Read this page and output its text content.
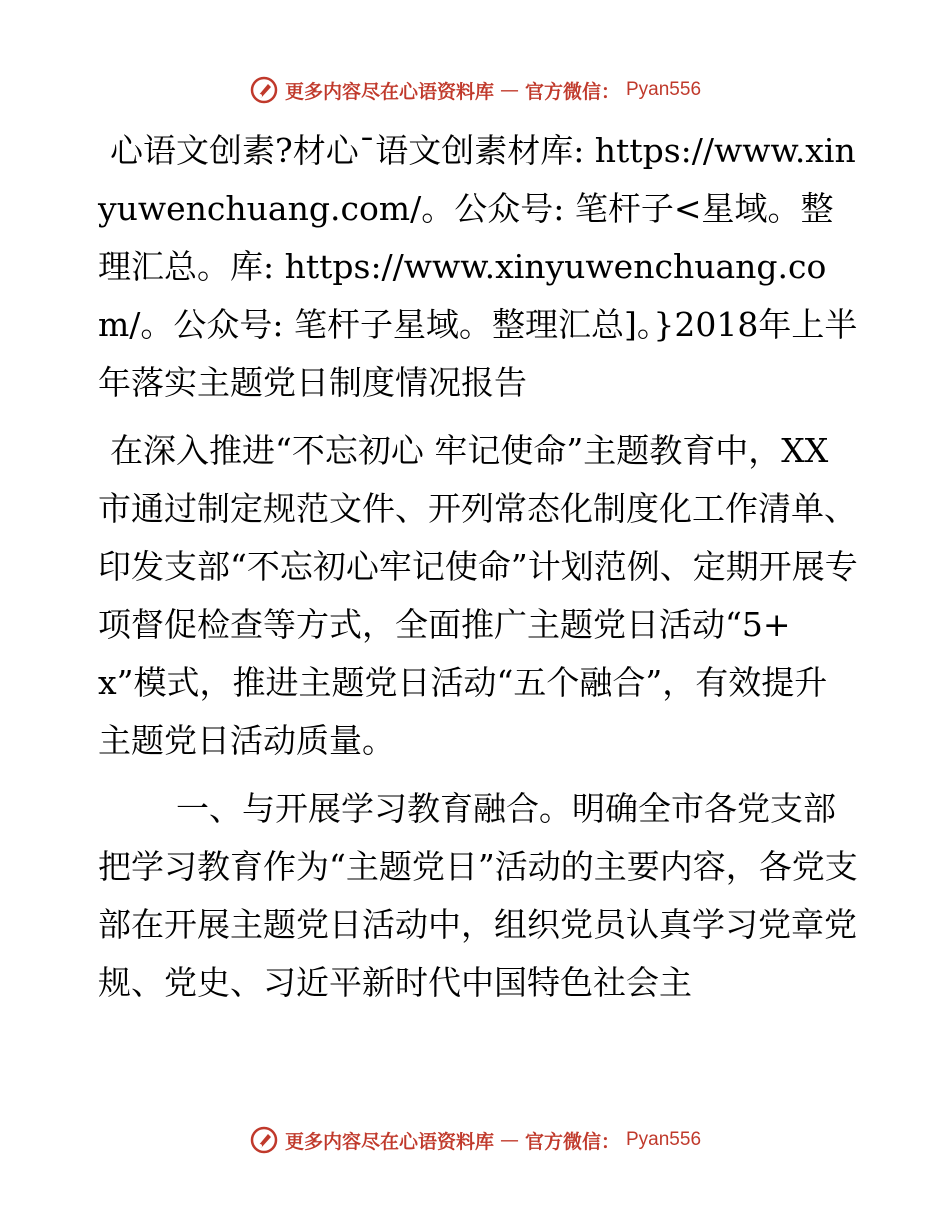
更多内容尽在心语资料库 — 官方微信： Pyan556

心语文创素?材心¯语文创素材库: https://www.xinyuwenchuang.com/。公众号: 笔杆子<星域。整理汇总。库: https://www.xinyuwenchuang.com/。公众号: 笔杆子星域。整理汇总]。}2018年上半年落实主题党日制度情况报告

在深入推进“不忘初心 牢记使命”主题教育中，XX市通过制定规范文件、开列常态化制度化工作清单、印发支部“不忘初心牢记使命”计划范例、定期开展专项督促检查等方式，全面推广主题党日活动“5+x”模式，推进主题党日活动“五个融合”，有效提升主题党日活动质量。

一、与开展学习教育融合。明确全市各党支部把学习教育作为“主题党日”活动的主要内容，各党支部在开展主题党日活动中，组织党员认真学习党章党规、党史、习近平新时代中国特色社会主

更多内容尽在心语资料库 — 官方微信： Pyan556
